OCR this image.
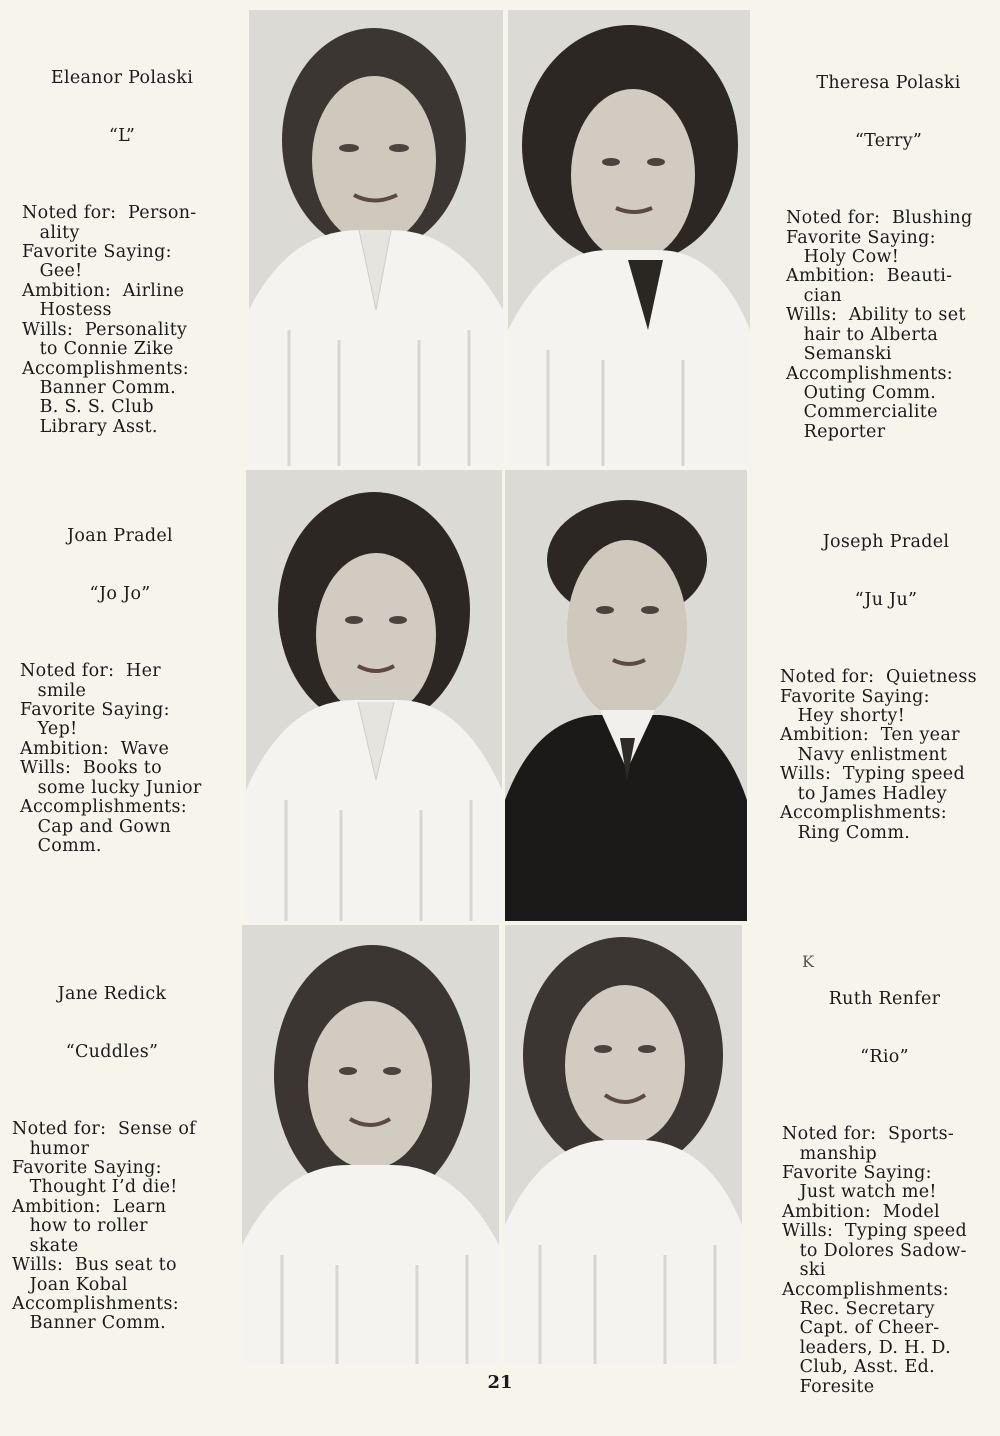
Eleanor Polaski

“L”

Noted for:  Person-
ality
Favorite Saying:
Gee!
Ambition:  Airline
Hostess
Wills:  Personality
to Connie Zike
Accomplishments:
Banner Comm.
B. S. S. Club
Library Asst.

Theresa Polaski

“Terry”

Noted for:  Blushing
Favorite Saying:
Holy Cow!
Ambition:  Beauti-
cian
Wills:  Ability to set
hair to Alberta
Semanski
Accomplishments:
Outing Comm.
Commercialite
Reporter

Joan Pradel

“Jo Jo”

Noted for:  Her
smile
Favorite Saying:
Yep!
Ambition:  Wave
Wills:  Books to
some lucky Junior
Accomplishments:
Cap and Gown
Comm.

Joseph Pradel

“Ju Ju”

Noted for:  Quietness
Favorite Saying:
Hey shorty!
Ambition:  Ten year
Navy enlistment
Wills:  Typing speed
to James Hadley
Accomplishments:
Ring Comm.

Jane Redick

“Cuddles”

Noted for:  Sense of
humor
Favorite Saying:
Thought I’d die!
Ambition:  Learn
how to roller
skate
Wills:  Bus seat to
Joan Kobal
Accomplishments:
Banner Comm.

K

Ruth Renfer

“Rio”

Noted for:  Sports-
manship
Favorite Saying:
Just watch me!
Ambition:  Model
Wills:  Typing speed
to Dolores Sadow-
ski
Accomplishments:
Rec. Secretary
Capt. of Cheer-
leaders, D. H. D.
Club, Asst. Ed.
Foresite

21
